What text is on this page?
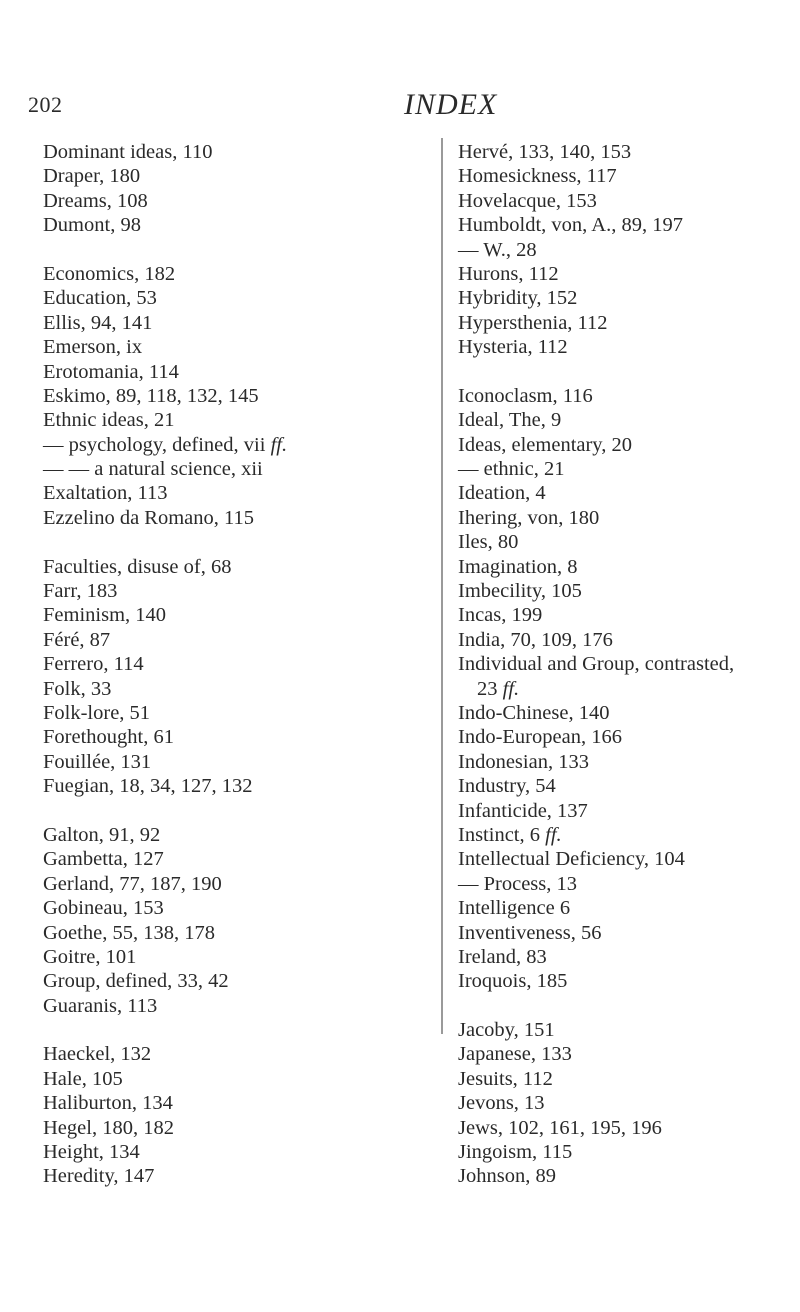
202	INDEX
Dominant ideas, 110
Draper, 180
Dreams, 108
Dumont, 98
Economics, 182
Education, 53
Ellis, 94, 141
Emerson, ix
Erotomania, 114
Eskimo, 89, 118, 132, 145
Ethnic ideas, 21
— psychology, defined, vii ff.
— — a natural science, xii
Exaltation, 113
Ezzelino da Romano, 115
Faculties, disuse of, 68
Farr, 183
Feminism, 140
Féré, 87
Ferrero, 114
Folk, 33
Folk-lore, 51
Forethought, 61
Fouillée, 131
Fuegian, 18, 34, 127, 132
Galton, 91, 92
Gambetta, 127
Gerland, 77, 187, 190
Gobineau, 153
Goethe, 55, 138, 178
Goitre, 101
Group, defined, 33, 42
Guaranis, 113
Haeckel, 132
Hale, 105
Haliburton, 134
Hegel, 180, 182
Height, 134
Heredity, 147
Hervé, 133, 140, 153
Homesickness, 117
Hovelacque, 153
Humboldt, von, A., 89, 197
— W., 28
Hurons, 112
Hybridity, 152
Hypersthenia, 112
Hysteria, 112
Iconoclasm, 116
Ideal, The, 9
Ideas, elementary, 20
— ethnic, 21
Ideation, 4
Ihering, von, 180
Iles, 80
Imagination, 8
Imbecility, 105
Incas, 199
India, 70, 109, 176
Individual and Group, contrasted,
23 ff.
Indo-Chinese, 140
Indo-European, 166
Indonesian, 133
Industry, 54
Infanticide, 137
Instinct, 6 ff.
Intellectual Deficiency, 104
— Process, 13
Intelligence 6
Inventiveness, 56
Ireland, 83
Iroquois, 185
Jacoby, 151
Japanese, 133
Jesuits, 112
Jevons, 13
Jews, 102, 161, 195, 196
Jingoism, 115
Johnson, 89
